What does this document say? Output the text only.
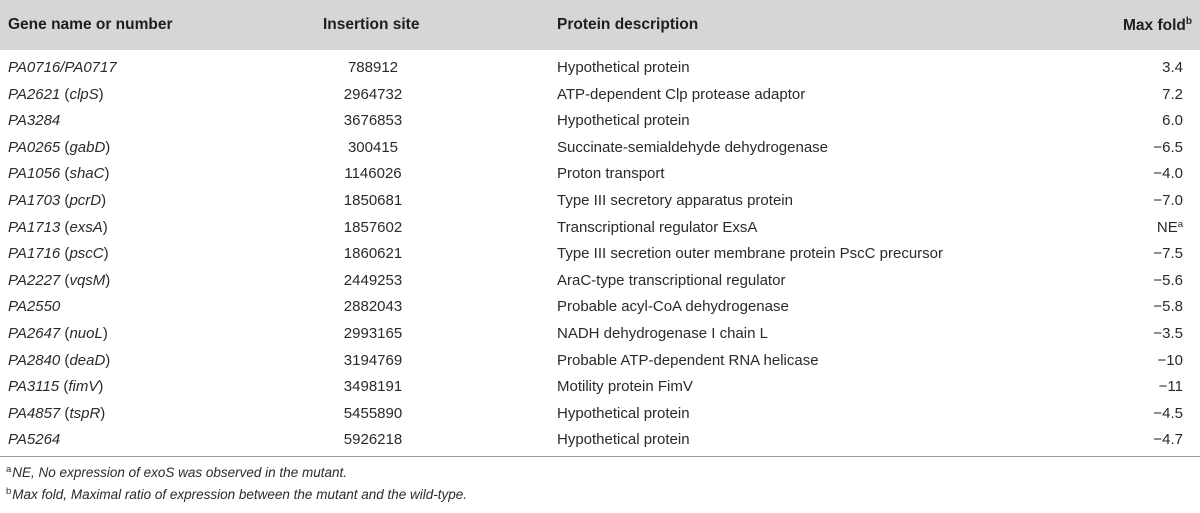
Gene name or number	Insertion site	Protein description	Max fold$^b$
PA0716/PA0717	788912	Hypothetical protein	3.4
PA2621 (clpS)	2964732	ATP-dependent Clp protease adaptor	7.2
PA3284	3676853	Hypothetical protein	6.0
PA0265 (gabD)	300415	Succinate-semialdehyde dehydrogenase	−6.5
PA1056 (shaC)	1146026	Proton transport	−4.0
PA1703 (pcrD)	1850681	Type III secretory apparatus protein	−7.0
PA1713 (exsA)	1857602	Transcriptional regulator ExsA	$NE^a$
PA1716 (pscC)	1860621	Type III secretion outer membrane protein PscC precursor	−7.5
PA2227 (vqsM)	2449253	AraC-type transcriptional regulator	−5.6
PA2550	2882043	Probable acyl-CoA dehydrogenase	−5.8
PA2647 (nuoL)	2993165	NADH dehydrogenase I chain L	−3.5
PA2840 (deaD)	3194769	Probable ATP-dependent RNA helicase	−10
PA3115 (fimV)	3498191	Motility protein FimV	−11
PA4857 (tspR)	5455890	Hypothetical protein	−4.5
PA5264	5926218	Hypothetical protein	−4.7
$^a$NE, No expression of exoS was observed in the mutant.
$^b$Max fold, Maximal ratio of expression between the mutant and the wild-type.
